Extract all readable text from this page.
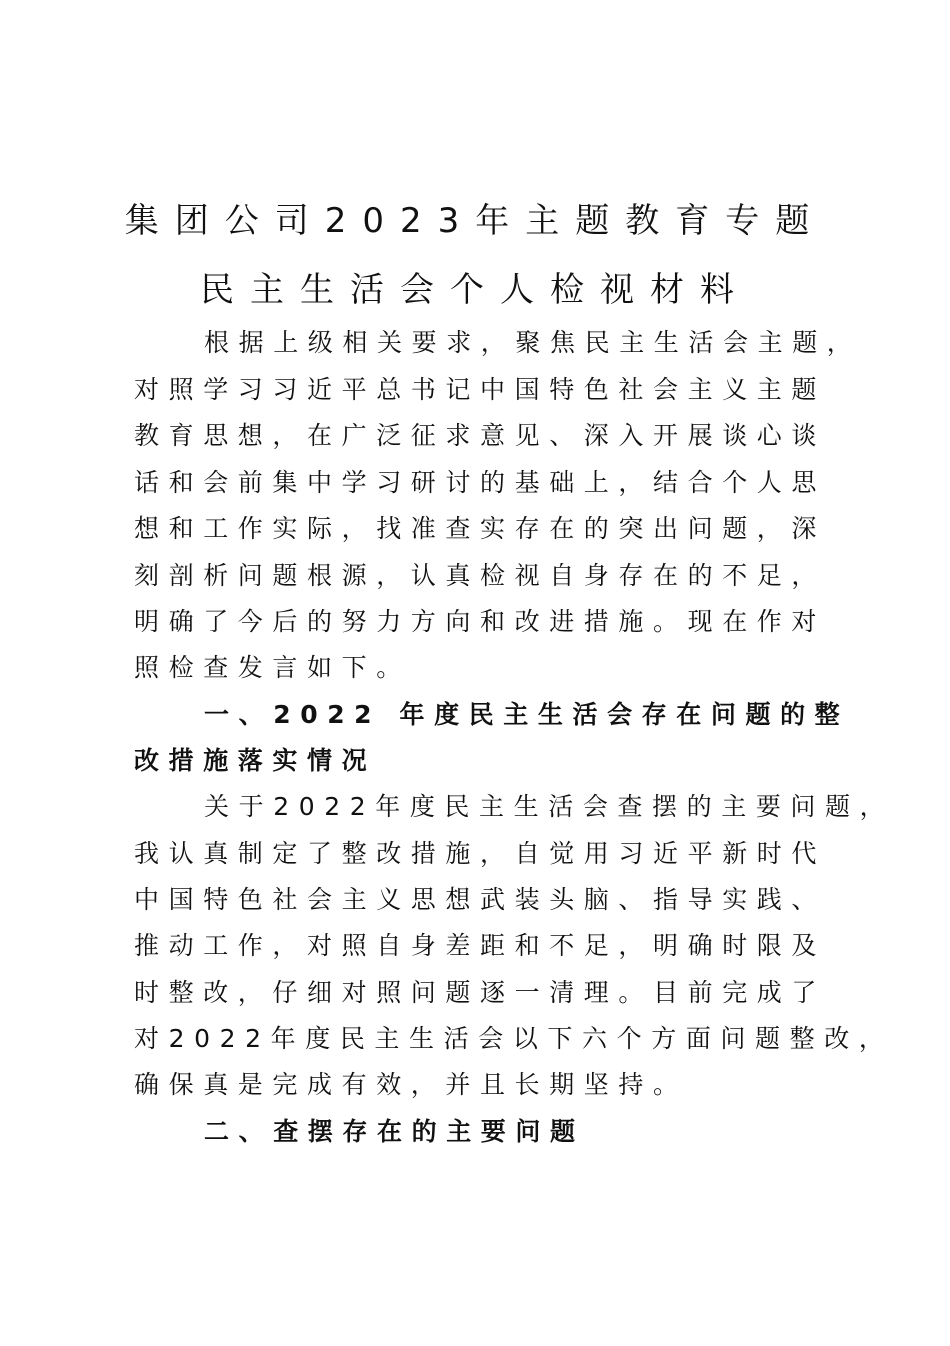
集团公司2023年主题教育专题
民主生活会个人检视材料
根据上级相关要求，聚焦民主生活会主题，
对照学习习近平总书记中国特色社会主义主题
教育思想，在广泛征求意见、深入开展谈心谈
话和会前集中学习研讨的基础上，结合个人思
想和工作实际，找准查实存在的突出问题，深
刻剖析问题根源，认真检视自身存在的不足，
明确了今后的努力方向和改进措施。现在作对
照检查发言如下。
一、2022 年度民主生活会存在问题的整
改措施落实情况
关于2022年度民主生活会查摆的主要问题，
我认真制定了整改措施，自觉用习近平新时代
中国特色社会主义思想武装头脑、指导实践、
推动工作，对照自身差距和不足，明确时限及
时整改，仔细对照问题逐一清理。目前完成了
对2022年度民主生活会以下六个方面问题整改，
确保真是完成有效，并且长期坚持。
二、查摆存在的主要问题
